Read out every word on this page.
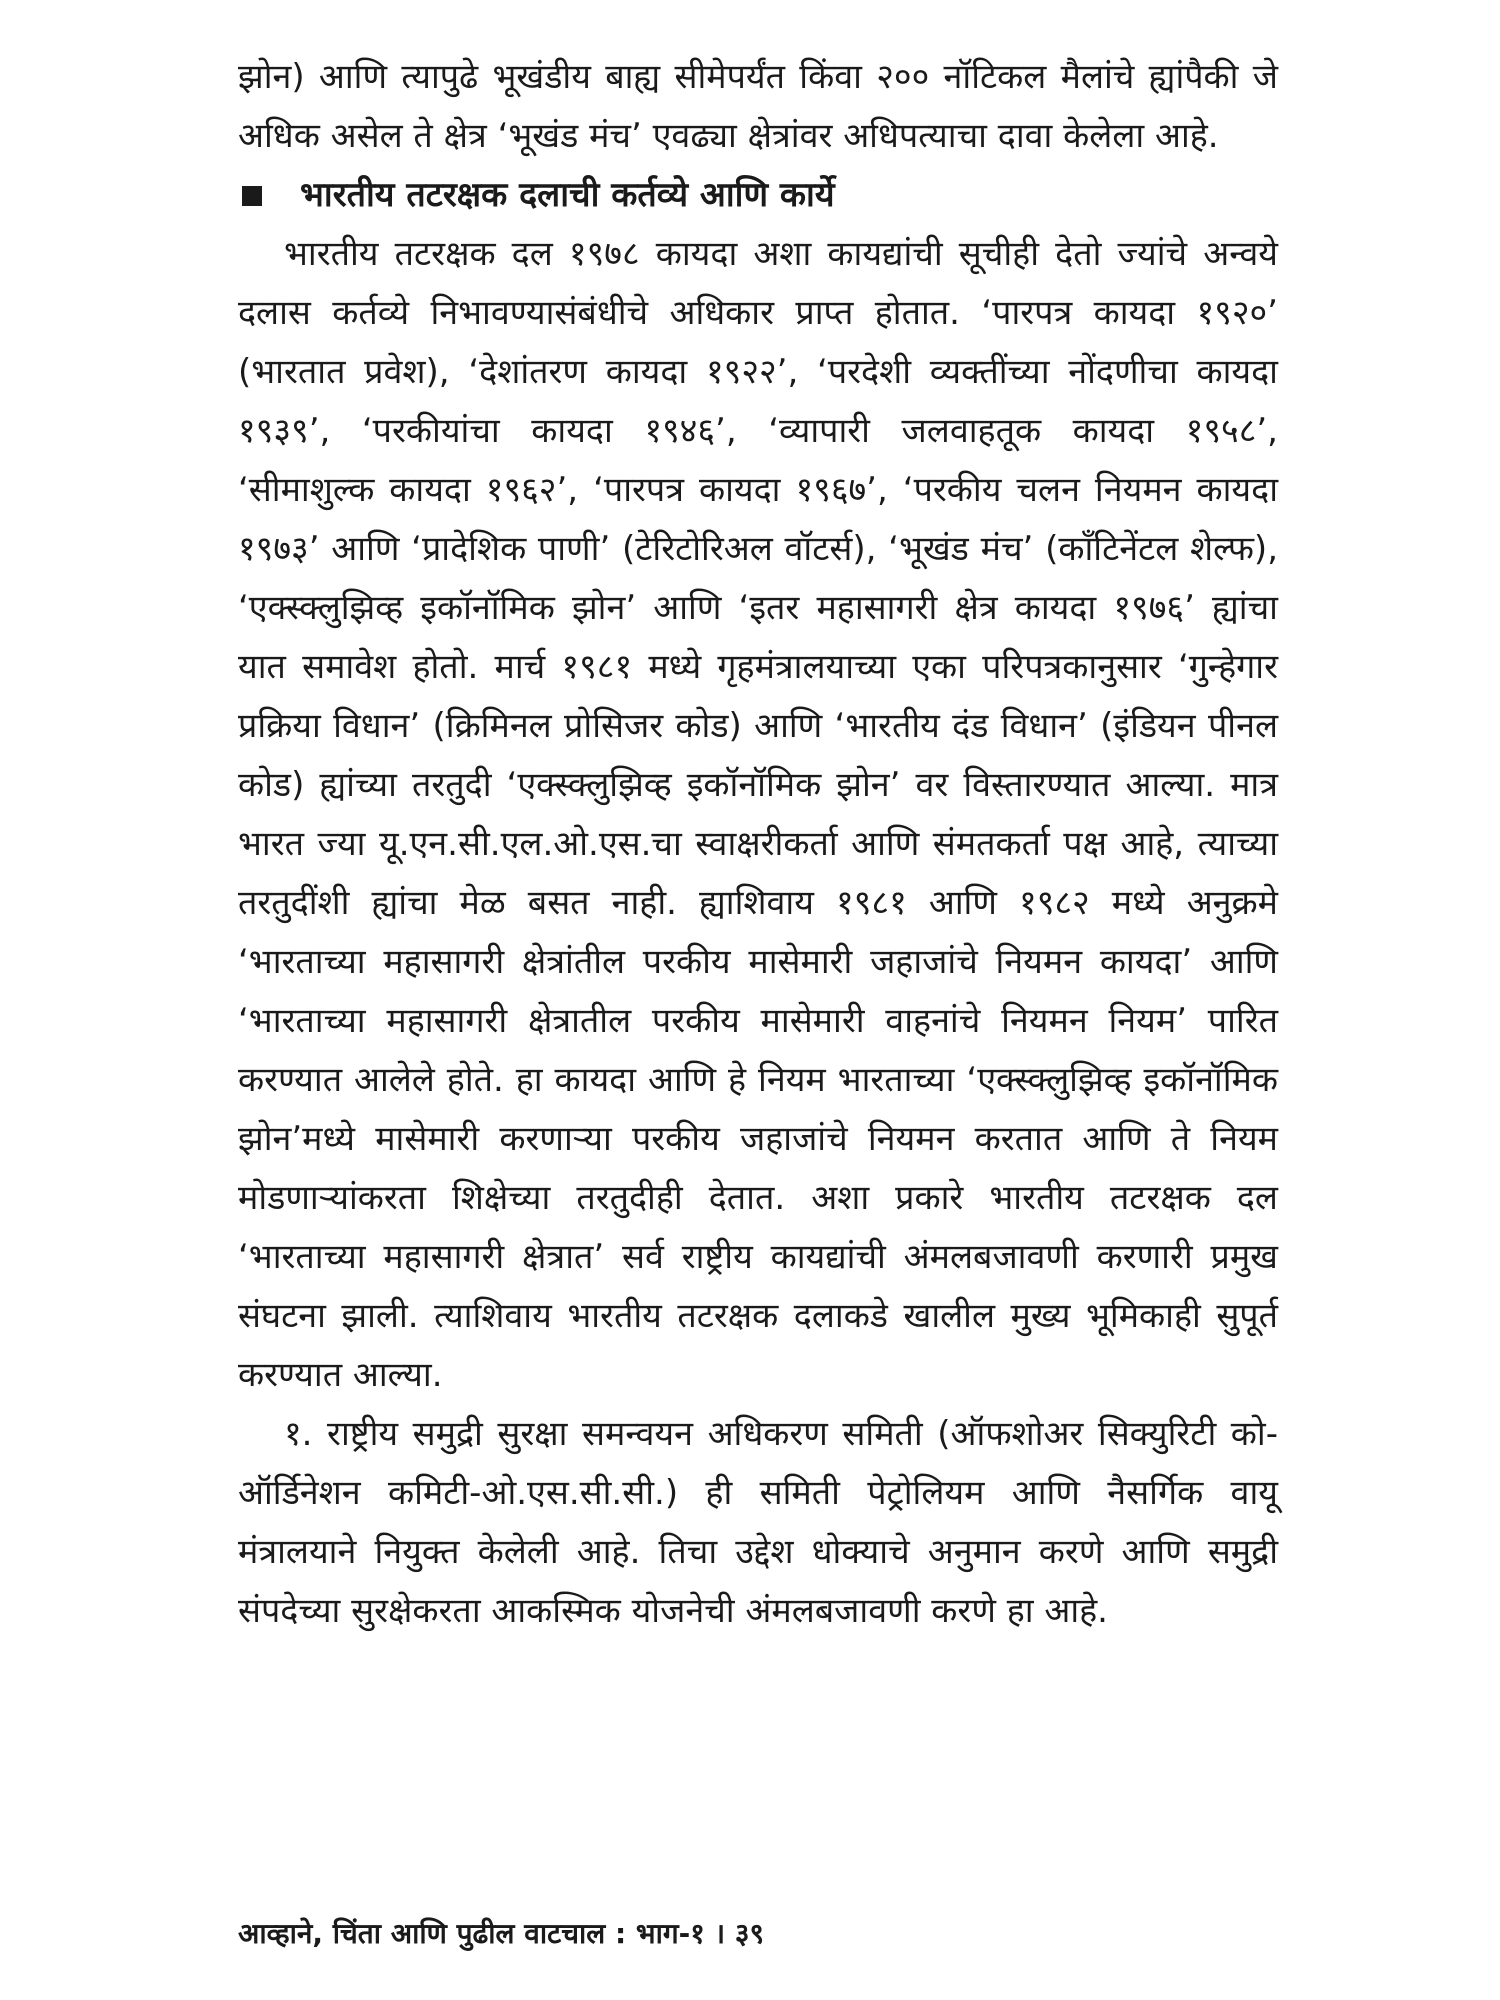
झोन) आणि त्यापुढे भूखंडीय बाह्य सीमेपर्यंत किंवा २०० नॉटिकल मैलांचे ह्यांपैकी जे अधिक असेल ते क्षेत्र ‘भूखंड मंच’ एवढ्या क्षेत्रांवर अधिपत्याचा दावा केलेला आहे.

भारतीय तटरक्षक दलाची कर्तव्ये आणि कार्ये

भारतीय तटरक्षक दल १९७८ कायदा अशा कायद्यांची सूचीही देतो ज्यांचे अन्वये दलास कर्तव्ये निभावण्यासंबंधीचे अधिकार प्राप्त होतात. ‘पारपत्र कायदा १९२०’ (भारतात प्रवेश), ‘देशांतरण कायदा १९२२’, ‘परदेशी व्यक्तींच्या नोंदणीचा कायदा १९३९’, ‘परकीयांचा कायदा १९४६’, ‘व्यापारी जलवाहतूक कायदा १९५८’, ‘सीमाशुल्क कायदा १९६२’, ‘पारपत्र कायदा १९६७’, ‘परकीय चलन नियमन कायदा १९७३’ आणि ‘प्रादेशिक पाणी’ (टेरिटोरिअल वॉटर्स), ‘भूखंड मंच’ (कॉंटिनेंटल शेल्फ), ‘एक्स्क्लुझिव्ह इकॉनॉमिक झोन’ आणि ‘इतर महासागरी क्षेत्र कायदा १९७६’ ह्यांचा यात समावेश होतो. मार्च १९८१ मध्ये गृहमंत्रालयाच्या एका परिपत्रकानुसार ‘गुन्हेगार प्रक्रिया विधान’ (क्रिमिनल प्रोसिजर कोड) आणि ‘भारतीय दंड विधान’ (इंडियन पीनल कोड) ह्यांच्या तरतुदी ‘एक्स्क्लुझिव्ह इकॉनॉमिक झोन’ वर विस्तारण्यात आल्या. मात्र भारत ज्या यू.एन.सी.एल.ओ.एस.चा स्वाक्षरीकर्ता आणि संमतकर्ता पक्ष आहे, त्याच्या तरतुदींशी ह्यांचा मेळ बसत नाही. ह्याशिवाय १९८१ आणि १९८२ मध्ये अनुक्रमे ‘भारताच्या महासागरी क्षेत्रांतील परकीय मासेमारी जहाजांचे नियमन कायदा’ आणि ‘भारताच्या महासागरी क्षेत्रातील परकीय मासेमारी वाहनांचे नियमन नियम’ पारित करण्यात आलेले होते. हा कायदा आणि हे नियम भारताच्या ‘एक्स्क्लुझिव्ह इकॉनॉमिक झोन’मध्ये मासेमारी करणाऱ्या परकीय जहाजांचे नियमन करतात आणि ते नियम मोडणाऱ्यांकरता शिक्षेच्या तरतुदीही देतात. अशा प्रकारे भारतीय तटरक्षक दल ‘भारताच्या महासागरी क्षेत्रात’ सर्व राष्ट्रीय कायद्यांची अंमलबजावणी करणारी प्रमुख संघटना झाली. त्याशिवाय भारतीय तटरक्षक दलाकडे खालील मुख्य भूमिकाही सुपूर्त करण्यात आल्या.

१. राष्ट्रीय समुद्री सुरक्षा समन्वयन अधिकरण समिती (ऑफशोअर सिक्युरिटी को-ऑर्डिनेशन कमिटी-ओ.एस.सी.सी.) ही समिती पेट्रोलियम आणि नैसर्गिक वायू मंत्रालयाने नियुक्त केलेली आहे. तिचा उद्देश धोक्याचे अनुमान करणे आणि समुद्री संपदेच्या सुरक्षेकरता आकस्मिक योजनेची अंमलबजावणी करणे हा आहे.

आव्हाने, चिंता आणि पुढील वाटचाल : भाग-१ । ३९
